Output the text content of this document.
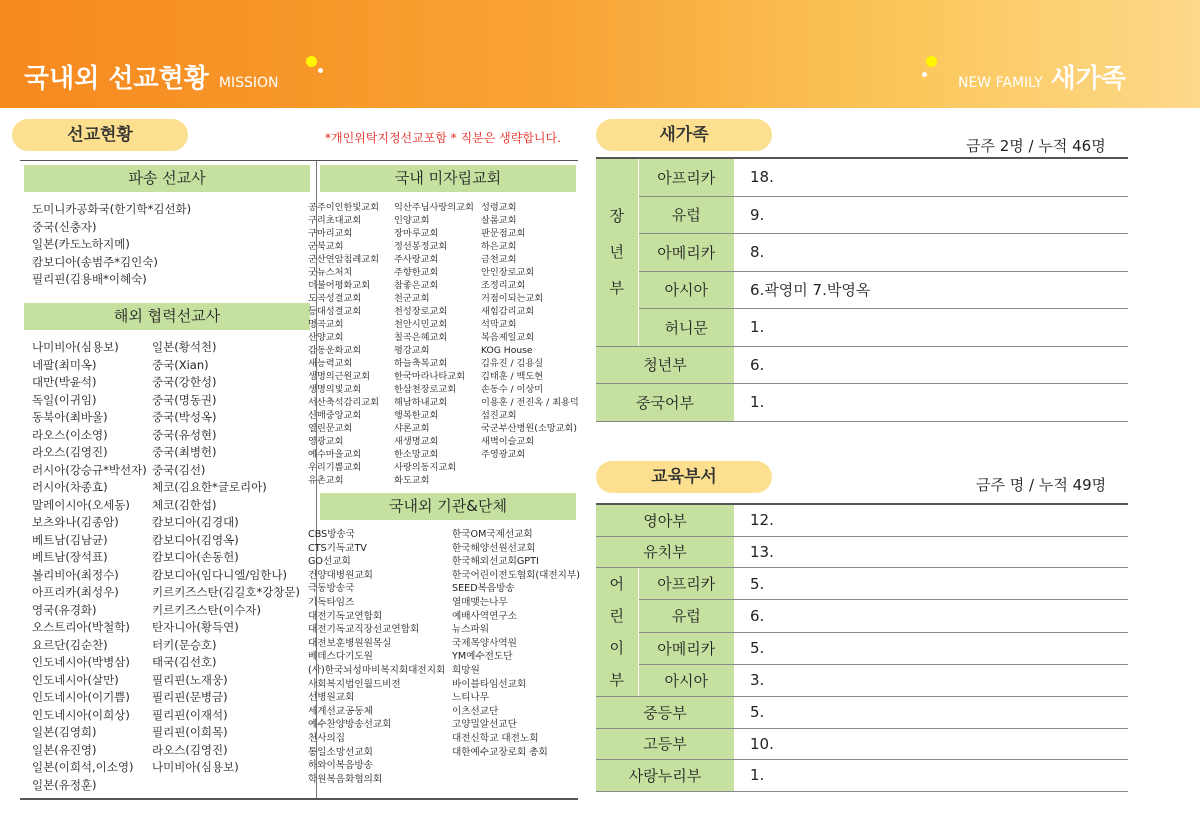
국내외 선교현황 MISSION	NEW FAMILY 새가족
선교현황	*개인위탁지정선교포함 * 직분은 생략합니다.
파송 선교사
도미니카공화국(한기학*김선화)
중국(신충자)
일본(카도노하지메)
캄보디아(송범주*김인숙)
필리핀(김용배*이혜숙)
해외 협력선교사
나미비아(심용보)
네팔(최미옥)
대만(박윤석)
독일(이귀임)
동북아(최바울)
라오스(이소영)
라오스(김영진)
러시아(강승규*박선자)
러시아(차종효)
말레이시아(오세동)
보츠와나(김종암)
베트남(김남균)
베트남(장석표)
볼리비아(최정수)
아프리카(최성우)
영국(유경화)
오스트리아(박철학)
요르단(김순찬)
인도네시아(박병삼)
인도네시아(살만)
인도네시아(이기쁨)
인도네시아(이희상)
일본(김영희)
일본(유진영)
일본(이희석,이소영)
일본(유정훈)
일본(황석천)
중국(Xian)
중국(강한성)
중국(명동권)
중국(박성옥)
중국(유성현)
중국(최병헌)
중국(김선)
체코(김요한*글로리아)
체코(김한섭)
캄보디아(김경대)
캄보디아(김영옥)
캄보디아(손동헌)
캄보디아(임다니엘/임한나)
키르키즈스탄(김길호*강창문)
키르키즈스탄(이수자)
탄자니아(황득연)
터키(문승호)
태국(김선호)
필리핀(노재웅)
필리핀(문병금)
필리핀(이재석)
필리핀(이희목)
라오스(김영진)
나미비아(심용보)
국내 미자립교회
공주이인한빛교회
구리초대교회
구마리교회
군북교회
군산연암침례교회
굿뉴스처치
더불어평화교회
도곡성결교회
등대성결교회
명곡교회
산양교회
감동운화교회
새능력교회
생명의근원교회
생명의빛교회
서산축석감리교회
신매중앙교회
열린문교회
영광교회
예수마을교회
우리기쁨교회
유촌교회
익산주님사랑의교회
인양교회
장마루교회
정선봉정교회
주사랑교회
주향한교회
참좋은교회
천군교회
천성장로교회
천안시민교회
칠곡은혜교회
평강교회
하늘축복교회
한국마라나타교회
한삼천장로교회
해남하내교회
행복한교회
샤론교회
새생명교회
한소망교회
사랑의동지교회
화도교회
성령교회
살롬교회
판문점교회
하은교회
금천교회
안인장로교회
조정리교회
거점이되는교회
새힘감리교회
석막교회
복음제일교회
KOG House
김유진 / 김용실
김태훈 / 백도현
손동수 / 이상미
이용훈 / 전진옥 / 최용덕
섬진교회
국군부산병원(소망교회)
새벽이슬교회
주영광교회
국내외 기관&단체
CBS방송국
CTS기독교TV
GO선교회
건양대병원교회
극동방송국
기독타임즈
대전기독교연합회
대전기독교직장선교연합회
대전보훈병원원목실
베데스다기도원
(사)한국뇌성마비복지회대전지회
사회복지법인월드비전
선병원교회
세계선교공동체
예수찬양방송선교회
천사의집
통일소망선교회
하와이복음방송
학원복음화협의회
한국OM국제선교회
한국해양선원선교회
한국해외선교회GPTI
한국어린이전도협회(대전지부)
SEED복음방송
열매맺는나무
예배사역연구소
뉴스파워
국제목양사역원
YM예수전도단
희망원
바이블타임선교회
느티나무
이츠선교단
고양밀알선교단
대전신학교 대전노회
대한예수교장로회 총회
새가족
금주 2명 / 누적 46명
장년부	아프리카	18.
	유럽	9.
	아메리카	8.
	아시아	6.곽영미 7.박영옥
	허니문	1.
청년부		6.
중국어부		1.
교육부서	금주 명 / 누적 49명
영아부		12.
유치부		13.
어린이부	아프리카	5.
	유럽	6.
	아메리카	5.
	아시아	3.
중등부		5.
고등부		10.
사랑누리부		1.
